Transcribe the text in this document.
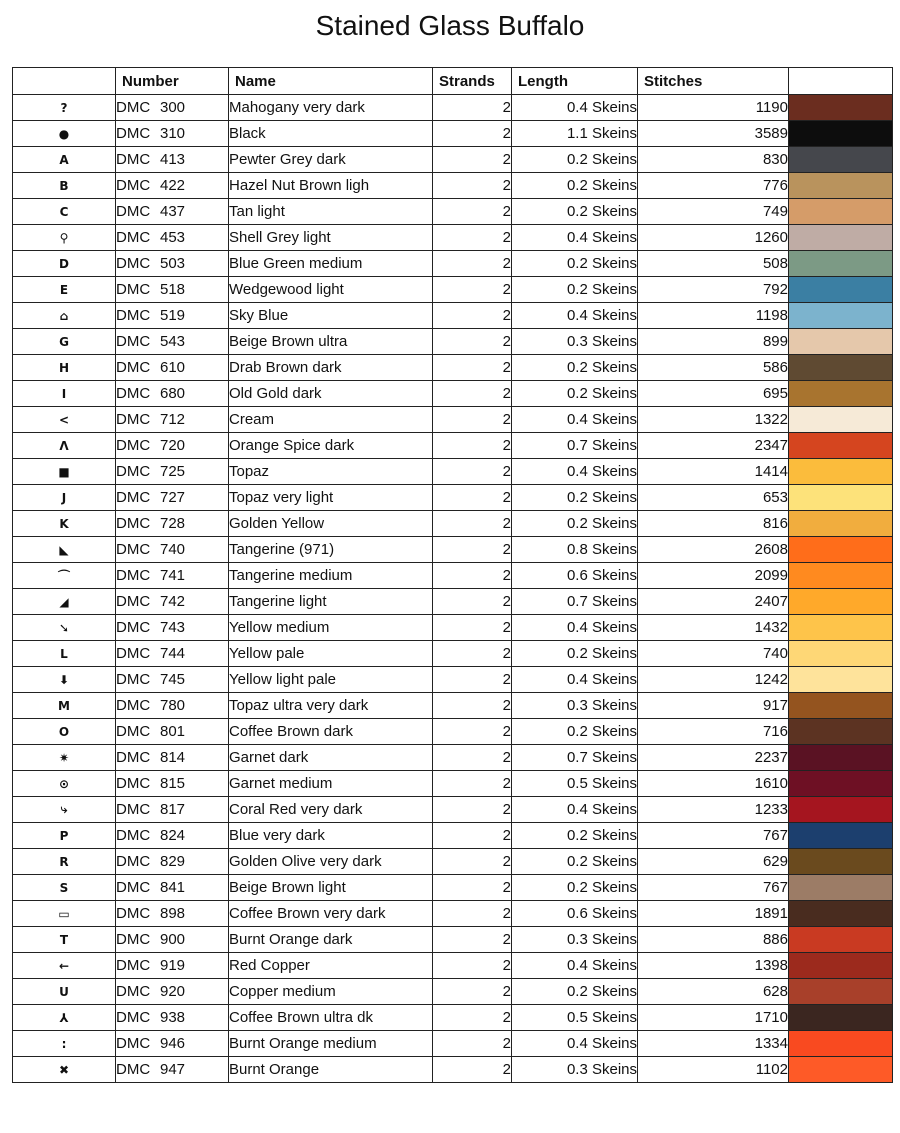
Stained Glass Buffalo
	Number	Name	Strands	Length	Stitches	
?	DMC 300	Mahogany very dark	2	0.4 Skeins	1190	

●	DMC 310	Black	2	1.1 Skeins	3589	

A	DMC 413	Pewter Grey dark	2	0.2 Skeins	830	

B	DMC 422	Hazel Nut Brown ligh	2	0.2 Skeins	776	

C	DMC 437	Tan light	2	0.2 Skeins	749	

⚲	DMC 453	Shell Grey light	2	0.4 Skeins	1260	

D	DMC 503	Blue Green medium	2	0.2 Skeins	508	

E	DMC 518	Wedgewood light	2	0.2 Skeins	792	

⌂	DMC 519	Sky Blue	2	0.4 Skeins	1198	

G	DMC 543	Beige Brown ultra	2	0.3 Skeins	899	

H	DMC 610	Drab Brown dark	2	0.2 Skeins	586	

I	DMC 680	Old Gold dark	2	0.2 Skeins	695	

<	DMC 712	Cream	2	0.4 Skeins	1322	

Λ	DMC 720	Orange Spice dark	2	0.7 Skeins	2347	

■	DMC 725	Topaz	2	0.4 Skeins	1414	

J	DMC 727	Topaz very light	2	0.2 Skeins	653	

K	DMC 728	Golden Yellow	2	0.2 Skeins	816	

◣	DMC 740	Tangerine (971)	2	0.8 Skeins	2608	

⌒	DMC 741	Tangerine medium	2	0.6 Skeins	2099	

◢	DMC 742	Tangerine light	2	0.7 Skeins	2407	

➘	DMC 743	Yellow medium	2	0.4 Skeins	1432	

L	DMC 744	Yellow pale	2	0.2 Skeins	740	

⬇	DMC 745	Yellow light pale	2	0.4 Skeins	1242	

M	DMC 780	Topaz ultra very dark	2	0.3 Skeins	917	

O	DMC 801	Coffee Brown dark	2	0.2 Skeins	716	

✷	DMC 814	Garnet dark	2	0.7 Skeins	2237	

⊙	DMC 815	Garnet medium	2	0.5 Skeins	1610	

⤷	DMC 817	Coral Red very dark	2	0.4 Skeins	1233	

P	DMC 824	Blue very dark	2	0.2 Skeins	767	

R	DMC 829	Golden Olive very dark	2	0.2 Skeins	629	

S	DMC 841	Beige Brown light	2	0.2 Skeins	767	

▭	DMC 898	Coffee Brown very dark	2	0.6 Skeins	1891	

T	DMC 900	Burnt Orange dark	2	0.3 Skeins	886	

←	DMC 919	Red Copper	2	0.4 Skeins	1398	

U	DMC 920	Copper medium	2	0.2 Skeins	628	

⅄	DMC 938	Coffee Brown ultra dk	2	0.5 Skeins	1710	

:	DMC 946	Burnt Orange medium	2	0.4 Skeins	1334	

✖	DMC 947	Burnt Orange	2	0.3 Skeins	1102	
